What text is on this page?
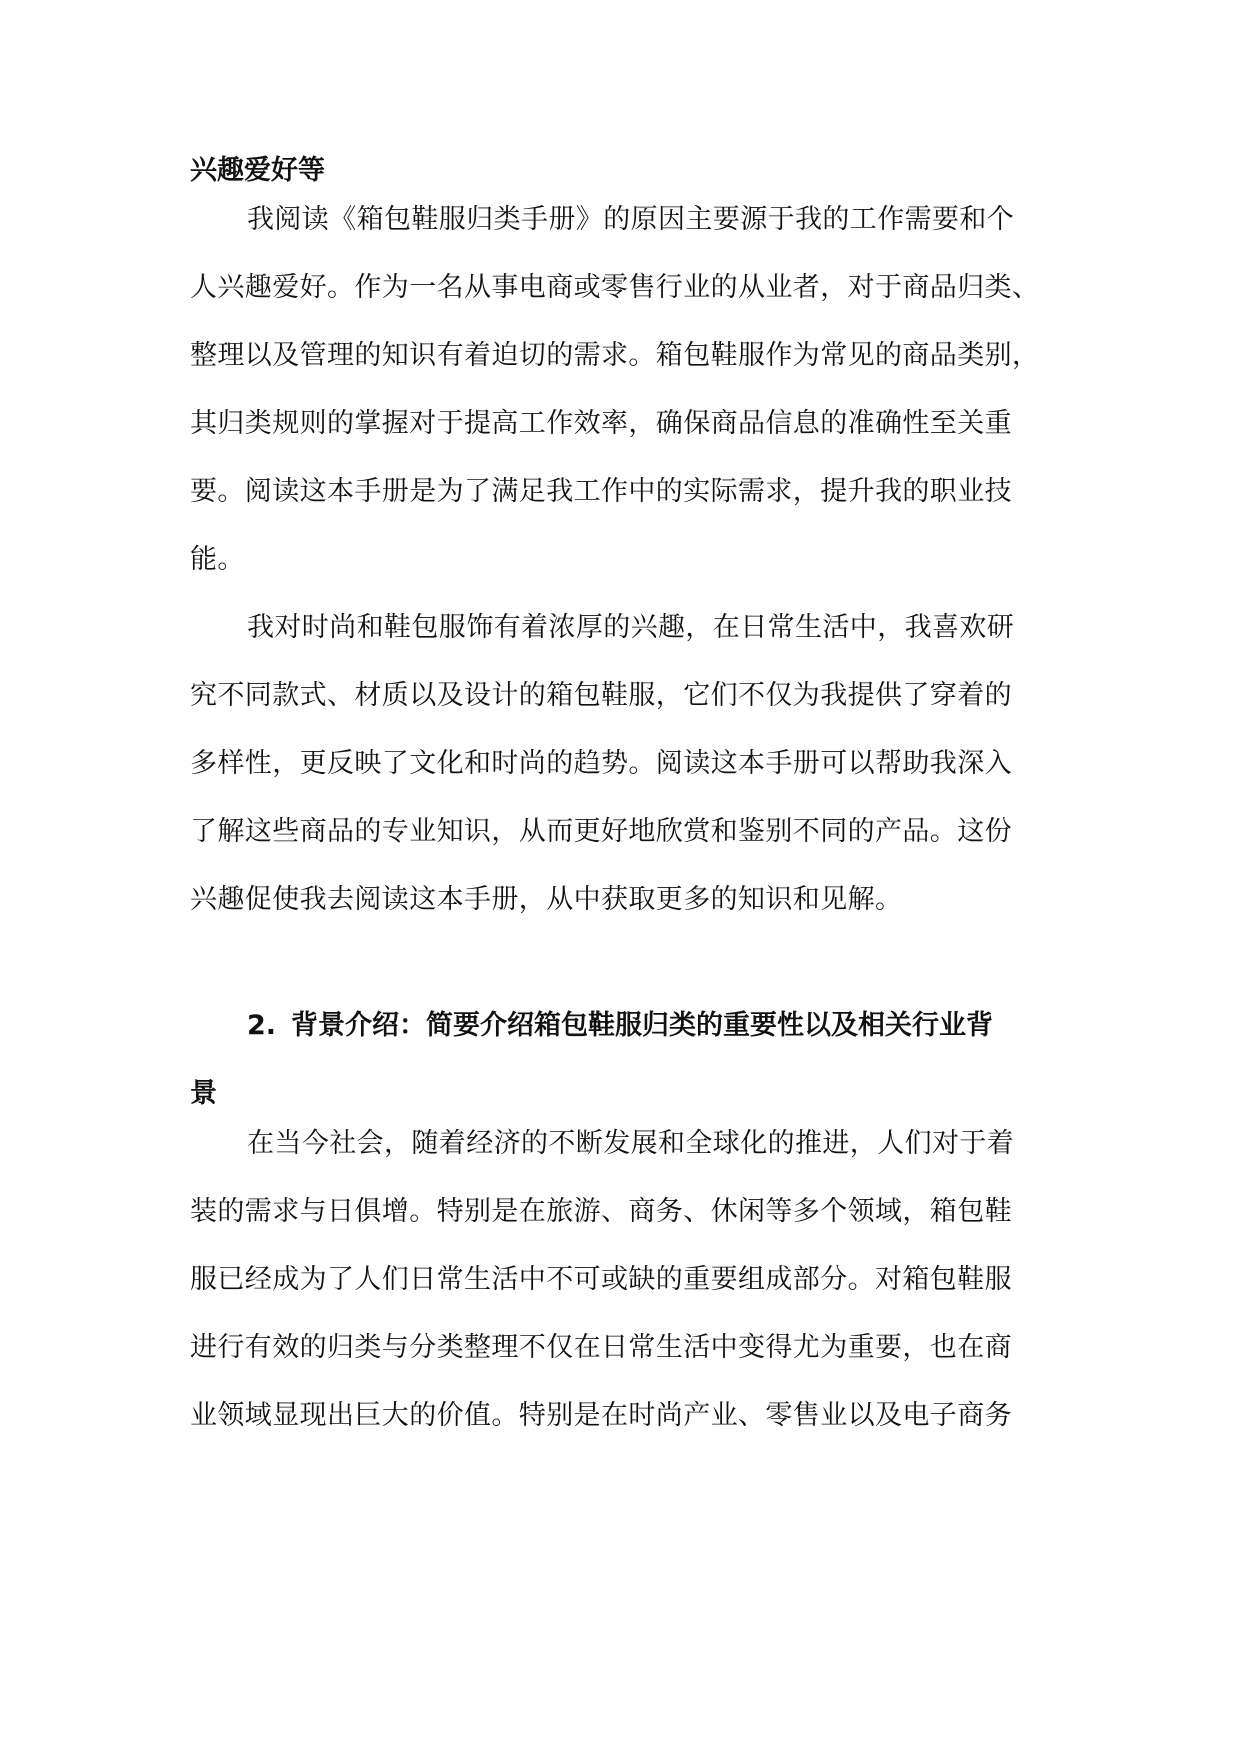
兴趣爱好等

我阅读《箱包鞋服归类手册》的原因主要源于我的工作需要和个

人兴趣爱好。作为一名从事电商或零售行业的从业者，对于商品归类、

整理以及管理的知识有着迫切的需求。箱包鞋服作为常见的商品类别，

其归类规则的掌握对于提高工作效率，确保商品信息的准确性至关重

要。阅读这本手册是为了满足我工作中的实际需求，提升我的职业技

能。

我对时尚和鞋包服饰有着浓厚的兴趣，在日常生活中，我喜欢研

究不同款式、材质以及设计的箱包鞋服，它们不仅为我提供了穿着的

多样性，更反映了文化和时尚的趋势。阅读这本手册可以帮助我深入

了解这些商品的专业知识，从而更好地欣赏和鉴别不同的产品。这份

兴趣促使我去阅读这本手册，从中获取更多的知识和见解。

2. 背景介绍：简要介绍箱包鞋服归类的重要性以及相关行业背

景

在当今社会，随着经济的不断发展和全球化的推进，人们对于着

装的需求与日俱增。特别是在旅游、商务、休闲等多个领域，箱包鞋

服已经成为了人们日常生活中不可或缺的重要组成部分。对箱包鞋服

进行有效的归类与分类整理不仅在日常生活中变得尤为重要，也在商

业领域显现出巨大的价值。特别是在时尚产业、零售业以及电子商务
